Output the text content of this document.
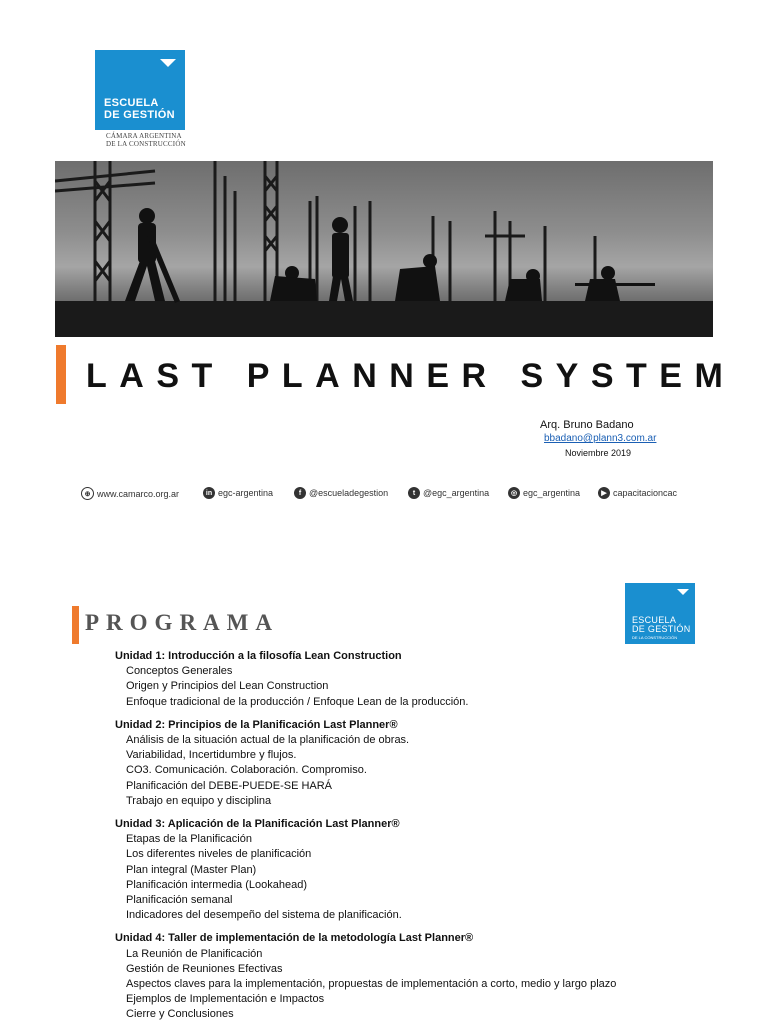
ESCUELA
DE GESTIÓN
CÁMARA ARGENTINA
DE LA CONSTRUCCIÓN
LAST PLANNER SYSTEM
Arq. Bruno Badano
bbadano@plann3.com.ar
Noviembre 2019
⊕ www.camarco.org.ar	in egc-argentina	f @escueladegestion	t @egc_argentina	◎ egc_argentina	▶ capacitacioncac
ESCUELA
DE GESTIÓN
DE LA CONSTRUCCIÓN
PROGRAMA
Unidad 1: Introducción a la filosofía Lean Construction
Conceptos Generales
Origen y Principios del Lean Construction
Enfoque tradicional de la producción / Enfoque Lean de la producción.
Unidad 2: Principios de la Planificación Last Planner®
Análisis de la situación actual de la planificación de obras.
Variabilidad, Incertidumbre y flujos.
CO3. Comunicación. Colaboración. Compromiso.
Planificación del DEBE-PUEDE-SE HARÁ
Trabajo en equipo y disciplina
Unidad 3: Aplicación de la Planificación Last Planner®
Etapas de la Planificación
Los diferentes niveles de planificación
Plan integral (Master Plan)
Planificación intermedia (Lookahead)
Planificación semanal
Indicadores del desempeño del sistema de planificación.
Unidad 4: Taller de implementación de la metodología Last Planner®
La Reunión de Planificación
Gestión de Reuniones Efectivas
Aspectos claves para la implementación, propuestas de implementación a corto, medio y largo plazo
Ejemplos de Implementación e Impactos
Cierre y Conclusiones
